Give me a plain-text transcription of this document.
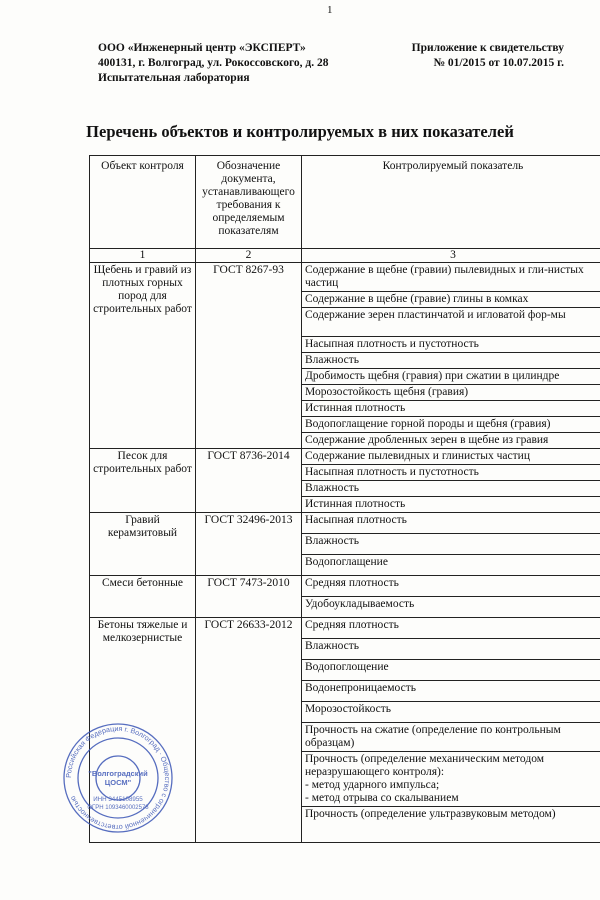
1
ООО «Инженерный центр «ЭКСПЕРТ»
400131, г. Волгоград, ул. Рокоссовского, д. 28
Испытательная лаборатория
Приложение к свидетельству
№ 01/2015 от 10.07.2015 г.
Перечень объектов и контролируемых в них показателей
Объект контроля	Обозначение документа, устанавливающего требования к определяемым показателям	Контролируемый показатель
1	2	3
Щебень и гравий из плотных горных пород для строительных работ	ГОСТ 8267-93	Содержание в щебне (гравии) пылевидных и гли-нистых частиц
		Содержание в щебне (гравие) глины в комках
		Содержание зерен пластинчатой и игловатой фор-мы
		Насыпная плотность и пустотность
		Влажность
		Дробимость щебня (гравия) при сжатии в цилиндре
		Морозостойкость щебня (гравия)
		Истинная плотность
		Водопоглащение горной породы и щебня (гравия)
		Содержание дробленных зерен в щебне из гравия
Песок для строительных работ	ГОСТ 8736-2014	Содержание пылевидных и глинистых частиц
		Насыпная плотность и пустотность
		Влажность
		Истинная плотность
Гравий керамзитовый	ГОСТ 32496-2013	Насыпная плотность
		Влажность
		Водопоглащение
Смеси бетонные	ГОСТ 7473-2010	Средняя плотность
		Удобоукладываемость
Бетоны тяжелые и мелкозернистые	ГОСТ 26633-2012	Средняя плотность
		Влажность
		Водопоглощение
		Водонепроницаемость
		Морозостойкость
		Прочность на сжатие (определение по контрольным образцам)
		Прочность (определение механическим методом неразрушающего контроля):
- метод ударного импульса;
- метод отрыва со скалыванием
		Прочность (определение ультразвуковым методом)
Российская Федерация г. Волгоград · Общество с ограниченной ответственностью
"Волгоградский
ЦОСМ"
ИНН 3445108955
ОГРН 1093460002578
